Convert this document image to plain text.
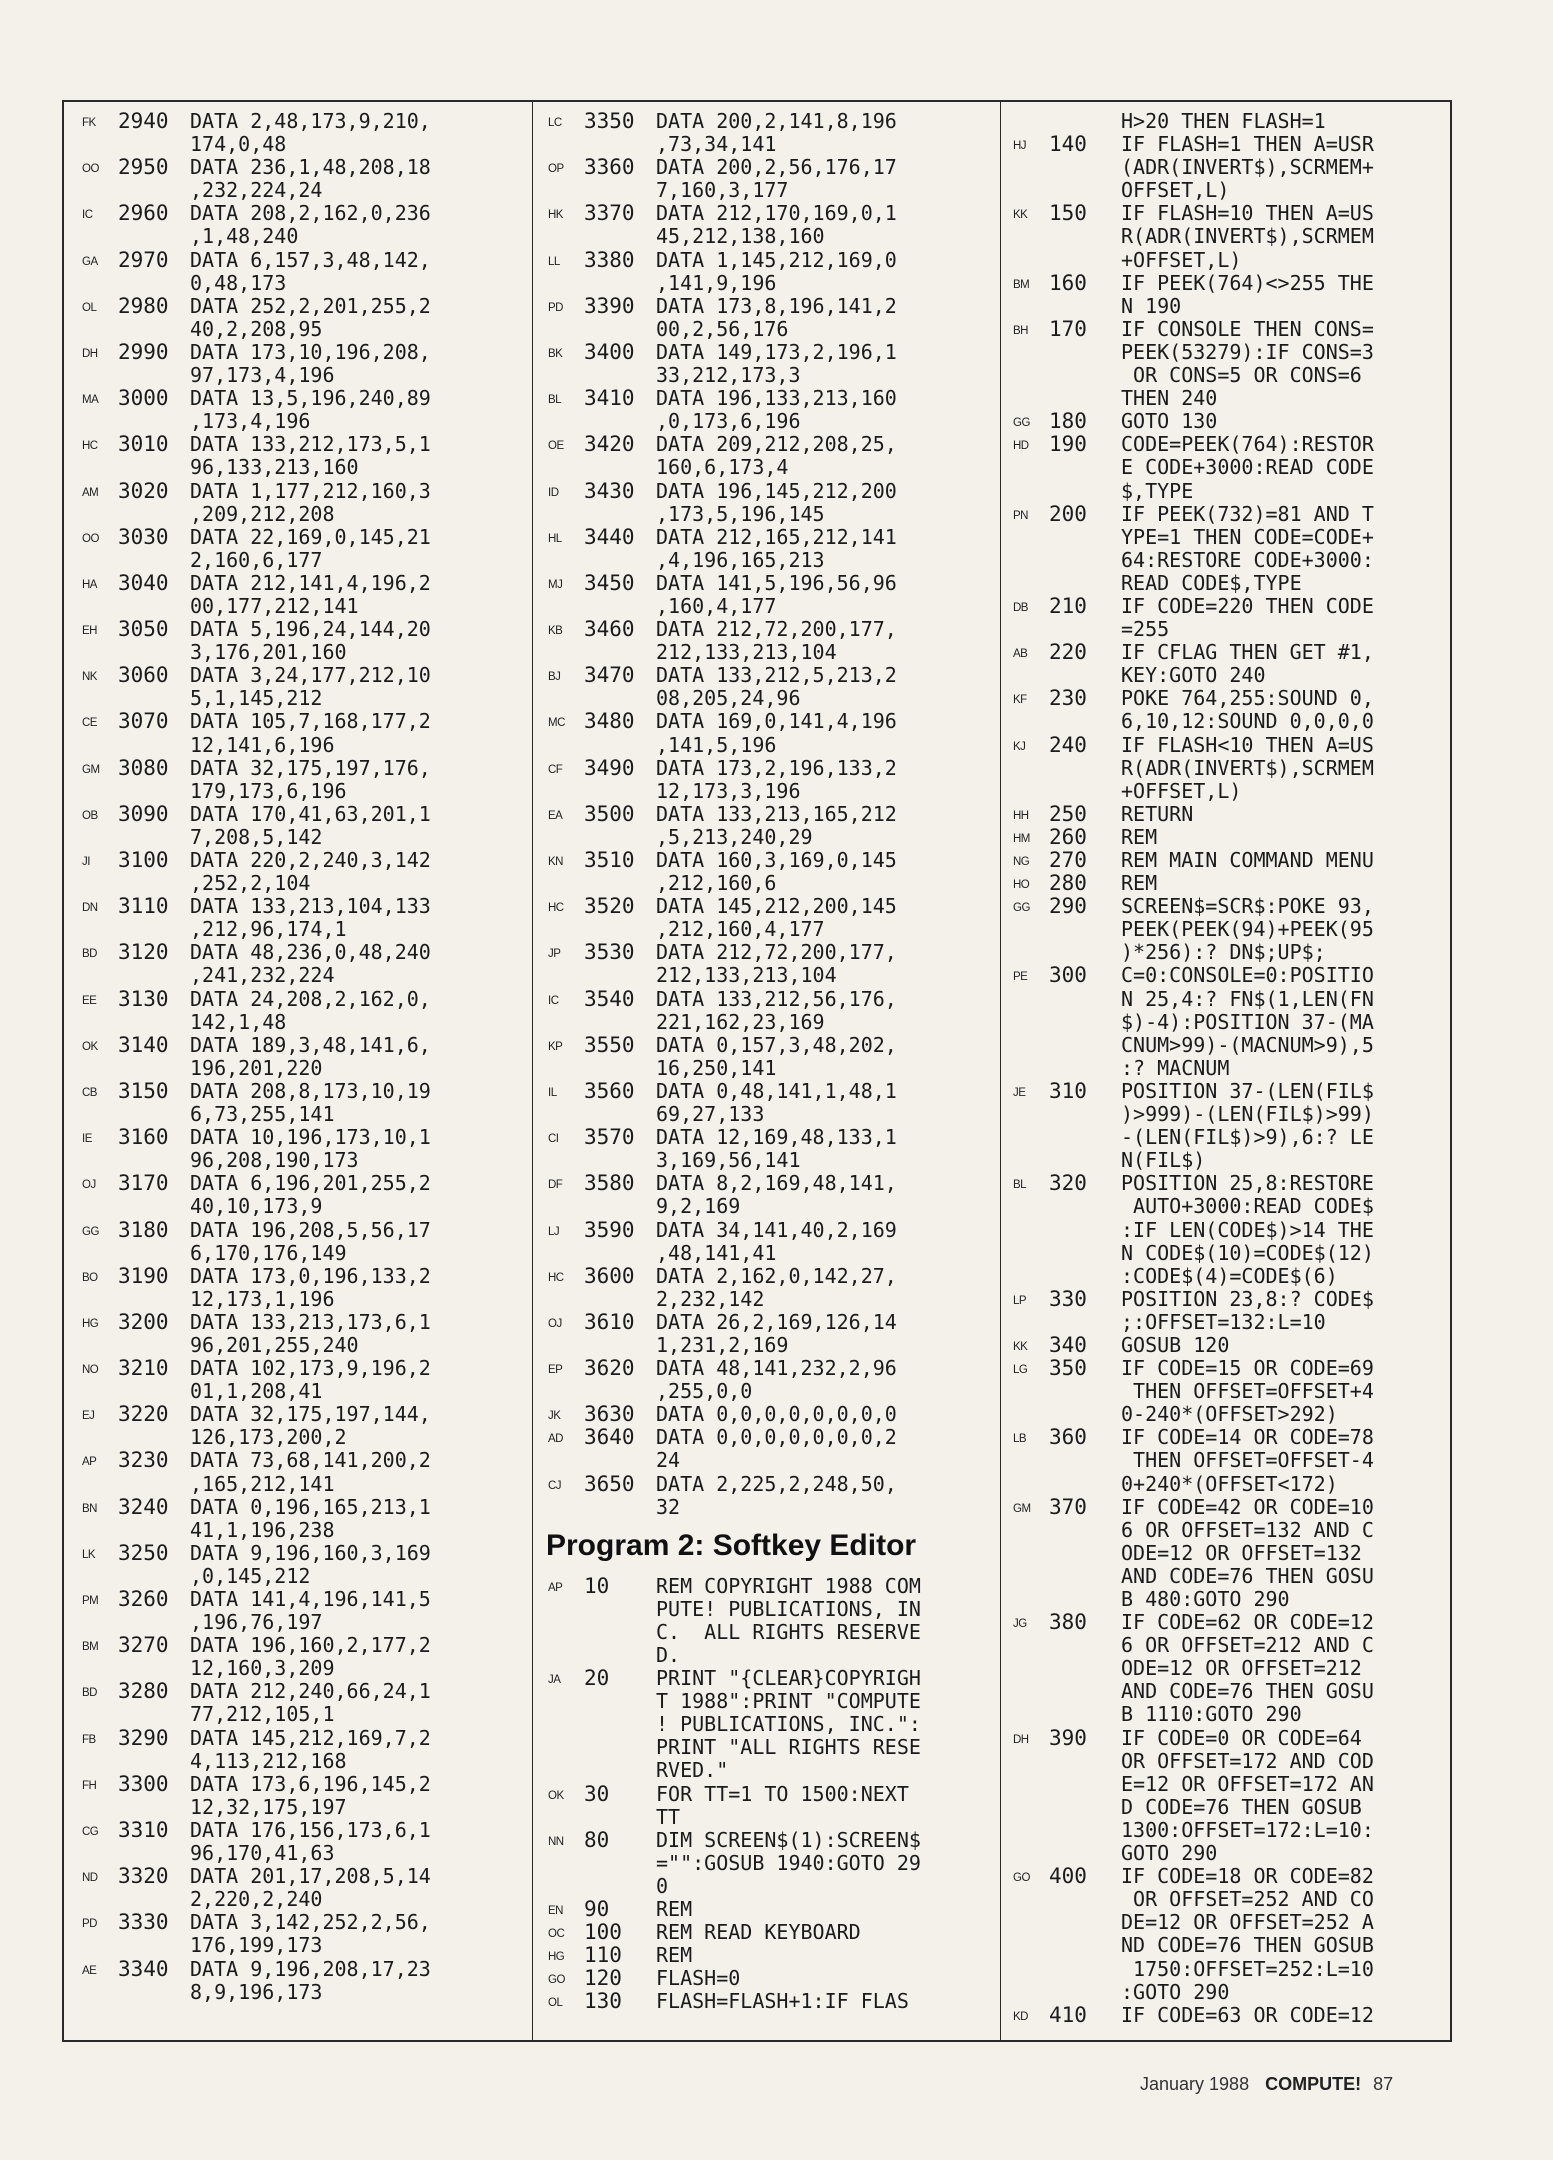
FK	2940	DATA 2,48,173,9,210,
174,0,48
OO 2950	DATA 236,1,48,208,18
,232,224,24
IC	2960	DATA 208,2,162,0,236
,1,48,240
GA 2970	DATA 6,157,3,48,142,
0,48,173
OL	2980	DATA 252,2,201,255,2
40,2,208,95
DH 2990	DATA 173,10,196,208,
97,173,4,196
MA 3000	DATA 13,5,196,240,89
,173,4,196
HC 3010	DATA 133,212,173,5,1
96,133,213,160
AM 3020	DATA 1,177,212,160,3
,209,212,208
OO 3030	DATA 22,169,0,145,21
2,160,6,177
HA	3040	DATA 212,141,4,196,2
00,177,212,141
EH	3050	DATA 5,196,24,144,20
3,176,201,160
NK	3060	DATA 3,24,177,212,10
5,1,145,212
CE	3070	DATA 105,7,168,177,2
12,141,6,196
GM 3080	DATA 32,175,197,176,
179,173,6,196
OB 3090	DATA 170,41,63,201,1
7,208,5,142
JI	3100	DATA 220,2,240,3,142
,252,2,104
DN 3110	DATA 133,213,104,133
,212,96,174,1
BD	3120	DATA 48,236,0,48,240
,241,232,224
EE	3130	DATA 24,208,2,162,0,
142,1,48
OK 3140	DATA 189,3,48,141,6,
196,201,220
CB	3150	DATA 208,8,173,10,19
6,73,255,141
IE	3160	DATA 10,196,173,10,1
96,208,190,173
OJ	3170	DATA 6,196,201,255,2
40,10,173,9
GG 3180	DATA 196,208,5,56,17
6,170,176,149
BO 3190	DATA 173,0,196,133,2
12,173,1,196
HG 3200	DATA 133,213,173,6,1
96,201,255,240
NO 3210	DATA 102,173,9,196,2
01,1,208,41
EJ	3220	DATA 32,175,197,144,
126,173,200,2
AP	3230	DATA 73,68,141,200,2
,165,212,141
BN	3240	DATA 0,196,165,213,1
41,1,196,238
LK	3250	DATA 9,196,160,3,169
,0,145,212
PM 3260	DATA 141,4,196,141,5
,196,76,197
BM 3270	DATA 196,160,2,177,2
12,160,3,209
BD	3280	DATA 212,240,66,24,1
77,212,105,1
FB	3290	DATA 145,212,169,7,2
4,113,212,168
FH	3300	DATA 173,6,196,145,2
12,32,175,197
CG 3310	DATA 176,156,173,6,1
96,170,41,63
ND 3320	DATA 201,17,208,5,14
2,220,2,240
PD	3330	DATA 3,142,252,2,56,
176,199,173
AE	3340	DATA 9,196,208,17,23
8,9,196,173
LC	3350	DATA 200,2,141,8,196
,73,34,141
OP 3360	DATA 200,2,56,176,17
7,160,3,177
HK	3370	DATA 212,170,169,0,1
45,212,138,160
LL	3380	DATA 1,145,212,169,0
,141,9,196
PD	3390	DATA 173,8,196,141,2
00,2,56,176
BK	3400	DATA 149,173,2,196,1
33,212,173,3
BL	3410	DATA 196,133,213,160
,0,173,6,196
OE 3420	DATA 209,212,208,25,
160,6,173,4
ID	3430	DATA 196,145,212,200
,173,5,196,145
HL	3440	DATA 212,165,212,141
,4,196,165,213
MJ	3450	DATA 141,5,196,56,96
,160,4,177
KB	3460	DATA 212,72,200,177,
212,133,213,104
BJ	3470	DATA 133,212,5,213,2
08,205,24,96
MC 3480	DATA 169,0,141,4,196
,141,5,196
CF	3490	DATA 173,2,196,133,2
12,173,3,196
EA	3500	DATA 133,213,165,212
,5,213,240,29
KN	3510	DATA 160,3,169,0,145
,212,160,6
HC 3520	DATA 145,212,200,145
,212,160,4,177
JP	3530	DATA 212,72,200,177,
212,133,213,104
IC	3540	DATA 133,212,56,176,
221,162,23,169
KP	3550	DATA 0,157,3,48,202,
16,250,141
IL	3560	DATA 0,48,141,1,48,1
69,27,133
CI	3570	DATA 12,169,48,133,1
3,169,56,141
DF	3580	DATA 8,2,169,48,141,
9,2,169
LJ	3590	DATA 34,141,40,2,169
,48,141,41
HC 3600	DATA 2,162,0,142,27,
2,232,142
OJ	3610	DATA 26,2,169,126,14
1,231,2,169
EP	3620	DATA 48,141,232,2,96
,255,0,0
JK	3630	DATA 0,0,0,0,0,0,0,0
AD	3640	DATA 0,0,0,0,0,0,0,2
24
CJ	3650	DATA 2,225,2,248,50,
32
Program 2: Softkey Editor
AP	10	REM COPYRIGHT 1988 COM
PUTE! PUBLICATIONS, IN
C.  ALL RIGHTS RESERVE
D.
JA	20	PRINT "{CLEAR}COPYRIGH
T 1988":PRINT "COMPUTE
! PUBLICATIONS, INC.":
PRINT "ALL RIGHTS RESE
RVED."
OK 30	FOR TT=1 TO 1500:NEXT
TT
NN 80	DIM SCREEN$(1):SCREEN$
="":GOSUB 1940:GOTO 29
0
EN	90	REM
OC 100	REM READ KEYBOARD
HG 110	REM
GO 120	FLASH=0
OL	130	FLASH=FLASH+1:IF FLAS
H>20 THEN FLASH=1
HJ	140	IF FLASH=1 THEN A=USR
(ADR(INVERT$),SCRMEM+
OFFSET,L)
KK	150	IF FLASH=10 THEN A=US
R(ADR(INVERT$),SCRMEM
+OFFSET,L)
BM 160	IF PEEK(764)<>255 THE
N 190
BH	170	IF CONSOLE THEN CONS=
PEEK(53279):IF CONS=3
OR CONS=5 OR CONS=6
THEN 240
GG 180	GOTO 130
HD 190	CODE=PEEK(764):RESTOR
E CODE+3000:READ CODE
$,TYPE
PN	200	IF PEEK(732)=81 AND T
YPE=1 THEN CODE=CODE+
64:RESTORE CODE+3000:
READ CODE$,TYPE
DB	210	IF CODE=220 THEN CODE
=255
AB	220	IF CFLAG THEN GET #1,
KEY:GOTO 240
KF	230	POKE 764,255:SOUND 0,
6,10,12:SOUND 0,0,0,0
KJ	240	IF FLASH<10 THEN A=US
R(ADR(INVERT$),SCRMEM
+OFFSET,L)
HH 250	RETURN
HM 260	REM
NG 270	REM MAIN COMMAND MENU
HO 280	REM
GG 290	SCREEN$=SCR$:POKE 93,
PEEK(PEEK(94)+PEEK(95
)*256):? DN$;UP$;
PE	300	C=0:CONSOLE=0:POSITIO
N 25,4:? FN$(1,LEN(FN
$)-4):POSITION 37-(MA
CNUM>99)-(MACNUM>9),5
:? MACNUM
JE	310	POSITION 37-(LEN(FIL$
)>999)-(LEN(FIL$)>99)
-(LEN(FIL$)>9),6:? LE
N(FIL$)
BL	320	POSITION 25,8:RESTORE
AUTO+3000:READ CODE$
:IF LEN(CODE$)>14 THE
N CODE$(10)=CODE$(12)
:CODE$(4)=CODE$(6)
LP	330	POSITION 23,8:? CODE$
;:OFFSET=132:L=10
KK	340	GOSUB 120
LG	350	IF CODE=15 OR CODE=69
THEN OFFSET=OFFSET+4
0-240*(OFFSET>292)
LB	360	IF CODE=14 OR CODE=78
THEN OFFSET=OFFSET-4
0+240*(OFFSET<172)
GM 370	IF CODE=42 OR CODE=10
6 OR OFFSET=132 AND C
ODE=12 OR OFFSET=132
AND CODE=76 THEN GOSU
B 480:GOTO 290
JG	380	IF CODE=62 OR CODE=12
6 OR OFFSET=212 AND C
ODE=12 OR OFFSET=212
AND CODE=76 THEN GOSU
B 1110:GOTO 290
DH 390	IF CODE=0 OR CODE=64
OR OFFSET=172 AND COD
E=12 OR OFFSET=172 AN
D CODE=76 THEN GOSUB
1300:OFFSET=172:L=10:
GOTO 290
GO 400	IF CODE=18 OR CODE=82
OR OFFSET=252 AND CO
DE=12 OR OFFSET=252 A
ND CODE=76 THEN GOSUB
1750:OFFSET=252:L=10
:GOTO 290
KD	410	IF CODE=63 OR CODE=12
January 1988 COMPUTE! 87
